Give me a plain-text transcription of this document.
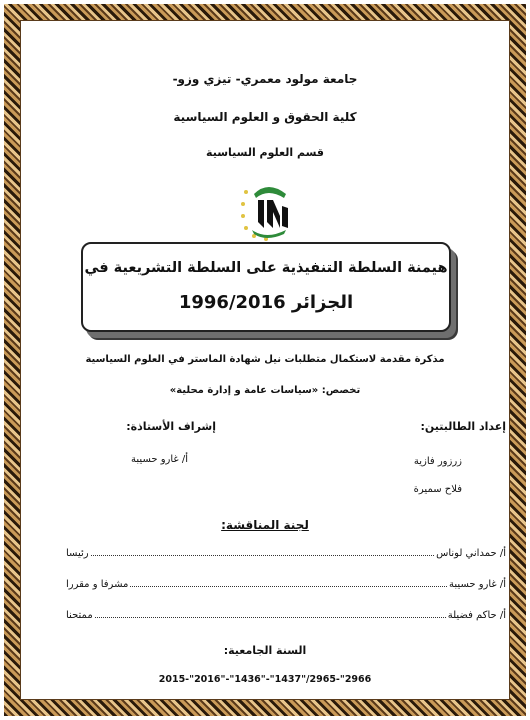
جامعة مولود معمري- تيزي وزو-
كلية الحقوق و العلوم السياسية
قسم العلوم السياسية
هيمنة السلطة التنفيذية على السلطة التشريعية في
الجزائر 1996/2016
مذكرة مقدمة لاستكمال متطلبات نيل شهادة الماستر في العلوم السياسية
تخصص: «سياسات عامة و إدارة محلية»
إعداد الطالبتين:
إشراف الأستاذة:
زرزور فازية
فلاح سميرة
أ/ غارو حسيبة
لجنة المناقشة:
أ/ حمداني لوناس
رئيسا
أ/ غارو حسيبة
مشرفا و مقررا
أ/ حاكم فضيلة
ممتحنا
السنة الجامعية:
2015-"2016"-"1436"-"1437"/2965-"2966
